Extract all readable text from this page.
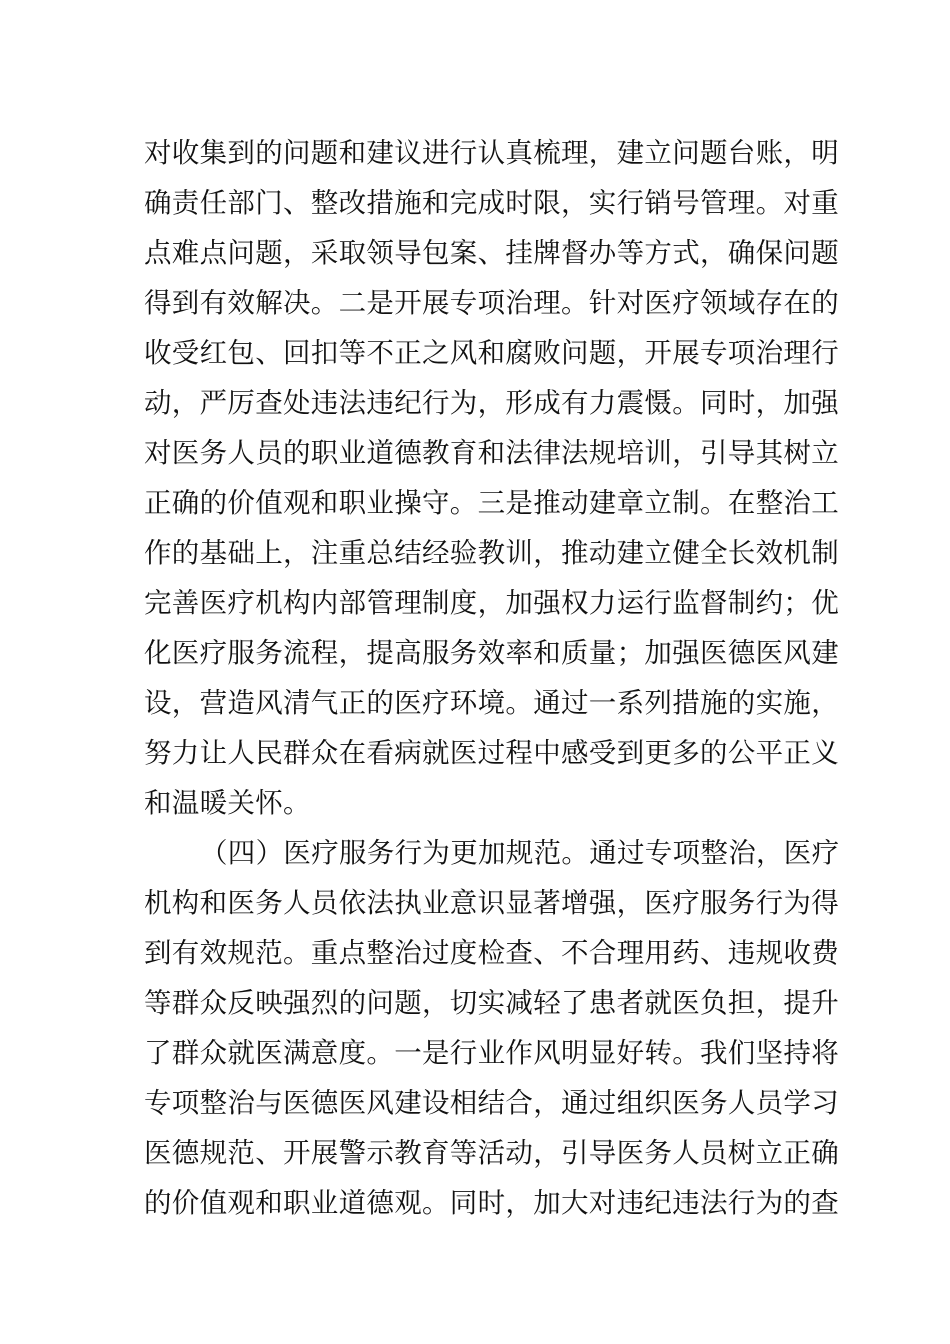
对收集到的问题和建议进行认真梳理，建立问题台账，明
确责任部门、整改措施和完成时限，实行销号管理。对重
点难点问题，采取领导包案、挂牌督办等方式，确保问题
得到有效解决。二是开展专项治理。针对医疗领域存在的
收受红包、回扣等不正之风和腐败问题，开展专项治理行
动，严厉查处违法违纪行为，形成有力震慑。同时，加强
对医务人员的职业道德教育和法律法规培训，引导其树立
正确的价值观和职业操守。三是推动建章立制。在整治工
作的基础上，注重总结经验教训，推动建立健全长效机制
完善医疗机构内部管理制度，加强权力运行监督制约；优
化医疗服务流程，提高服务效率和质量；加强医德医风建
设，营造风清气正的医疗环境。通过一系列措施的实施，
努力让人民群众在看病就医过程中感受到更多的公平正义
和温暖关怀。
（四）医疗服务行为更加规范。通过专项整治，医疗
机构和医务人员依法执业意识显著增强，医疗服务行为得
到有效规范。重点整治过度检查、不合理用药、违规收费
等群众反映强烈的问题，切实减轻了患者就医负担，提升
了群众就医满意度。一是行业作风明显好转。我们坚持将
专项整治与医德医风建设相结合，通过组织医务人员学习
医德规范、开展警示教育等活动，引导医务人员树立正确
的价值观和职业道德观。同时，加大对违纪违法行为的查
